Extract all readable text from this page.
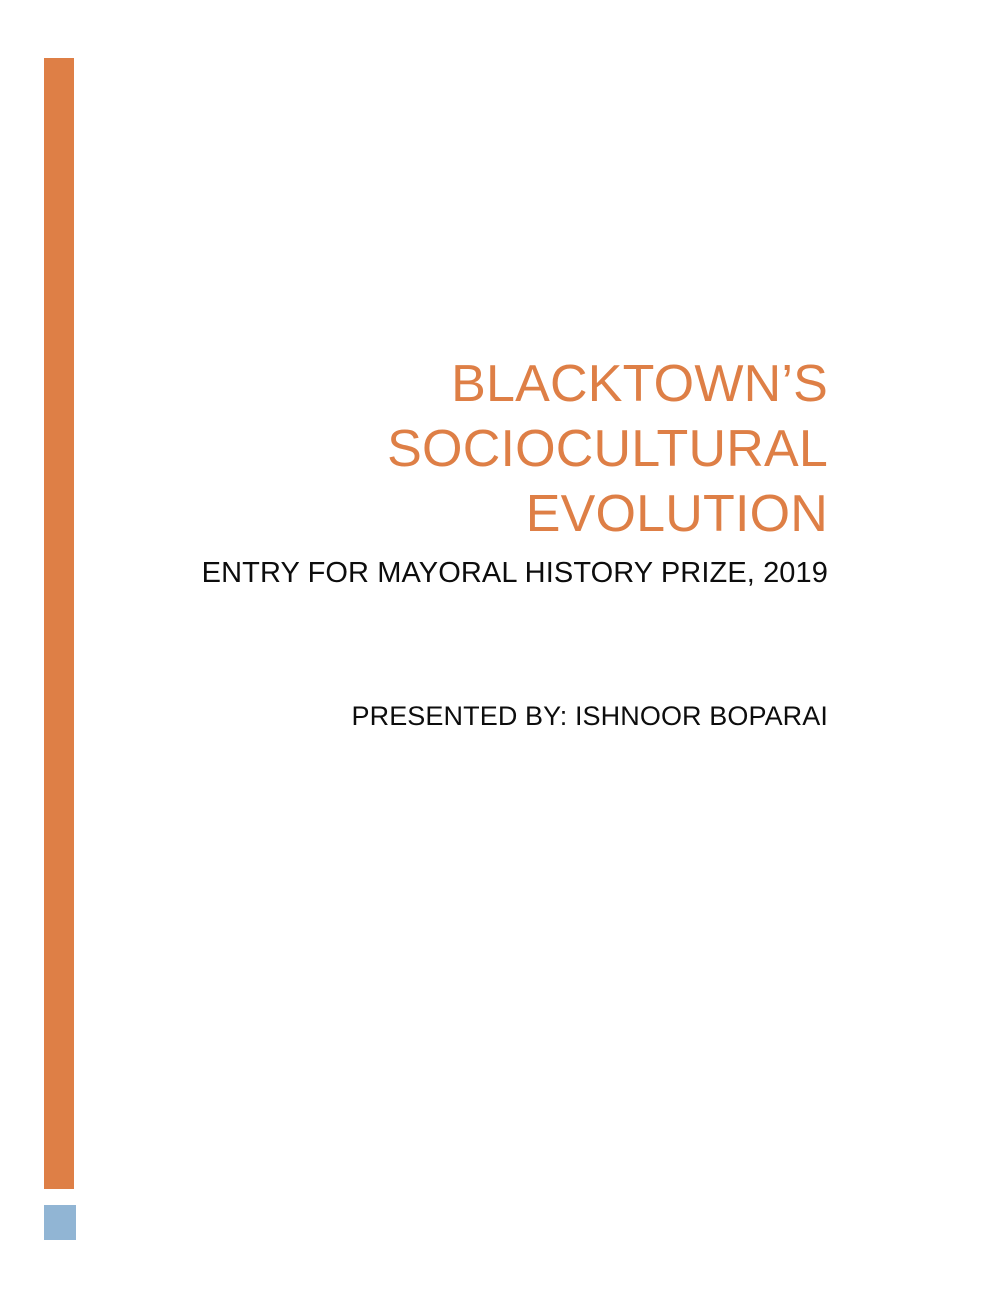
BLACKTOWN’S
SOCIOCULTURAL
EVOLUTION

ENTRY FOR MAYORAL HISTORY PRIZE, 2019

PRESENTED BY: ISHNOOR BOPARAI
